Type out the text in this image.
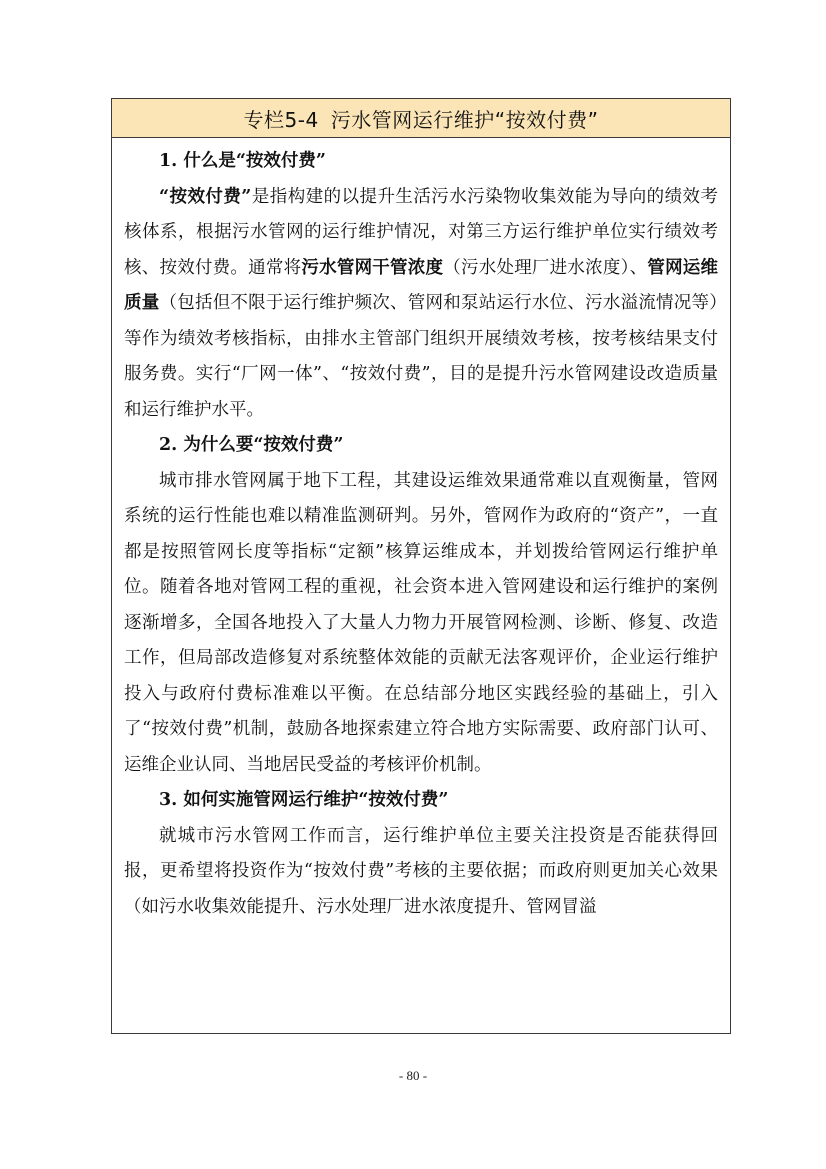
专栏5-4 污水管网运行维护“按效付费”
1. 什么是“按效付费”

“按效付费”是指构建的以提升生活污水污染物收集效能为导向的绩效考核体系，根据污水管网的运行维护情况，对第三方运行维护单位实行绩效考核、按效付费。通常将污水管网干管浓度（污水处理厂进水浓度）、管网运维质量（包括但不限于运行维护频次、管网和泵站运行水位、污水溢流情况等）等作为绩效考核指标，由排水主管部门组织开展绩效考核，按考核结果支付服务费。实行“厂网一体”、“按效付费”，目的是提升污水管网建设改造质量和运行维护水平。

2. 为什么要“按效付费”

城市排水管网属于地下工程，其建设运维效果通常难以直观衡量，管网系统的运行性能也难以精准监测研判。另外，管网作为政府的“资产”，一直都是按照管网长度等指标“定额”核算运维成本，并划拨给管网运行维护单位。随着各地对管网工程的重视，社会资本进入管网建设和运行维护的案例逐渐增多，全国各地投入了大量人力物力开展管网检测、诊断、修复、改造工作，但局部改造修复对系统整体效能的贡献无法客观评价，企业运行维护投入与政府付费标准难以平衡。在总结部分地区实践经验的基础上，引入了“按效付费”机制，鼓励各地探索建立符合地方实际需要、政府部门认可、运维企业认同、当地居民受益的考核评价机制。

3. 如何实施管网运行维护“按效付费”

就城市污水管网工作而言，运行维护单位主要关注投资是否能获得回报，更希望将投资作为“按效付费”考核的主要依据；而政府则更加关心效果（如污水收集效能提升、污水处理厂进水浓度提升、管网冒溢

- 80 -
